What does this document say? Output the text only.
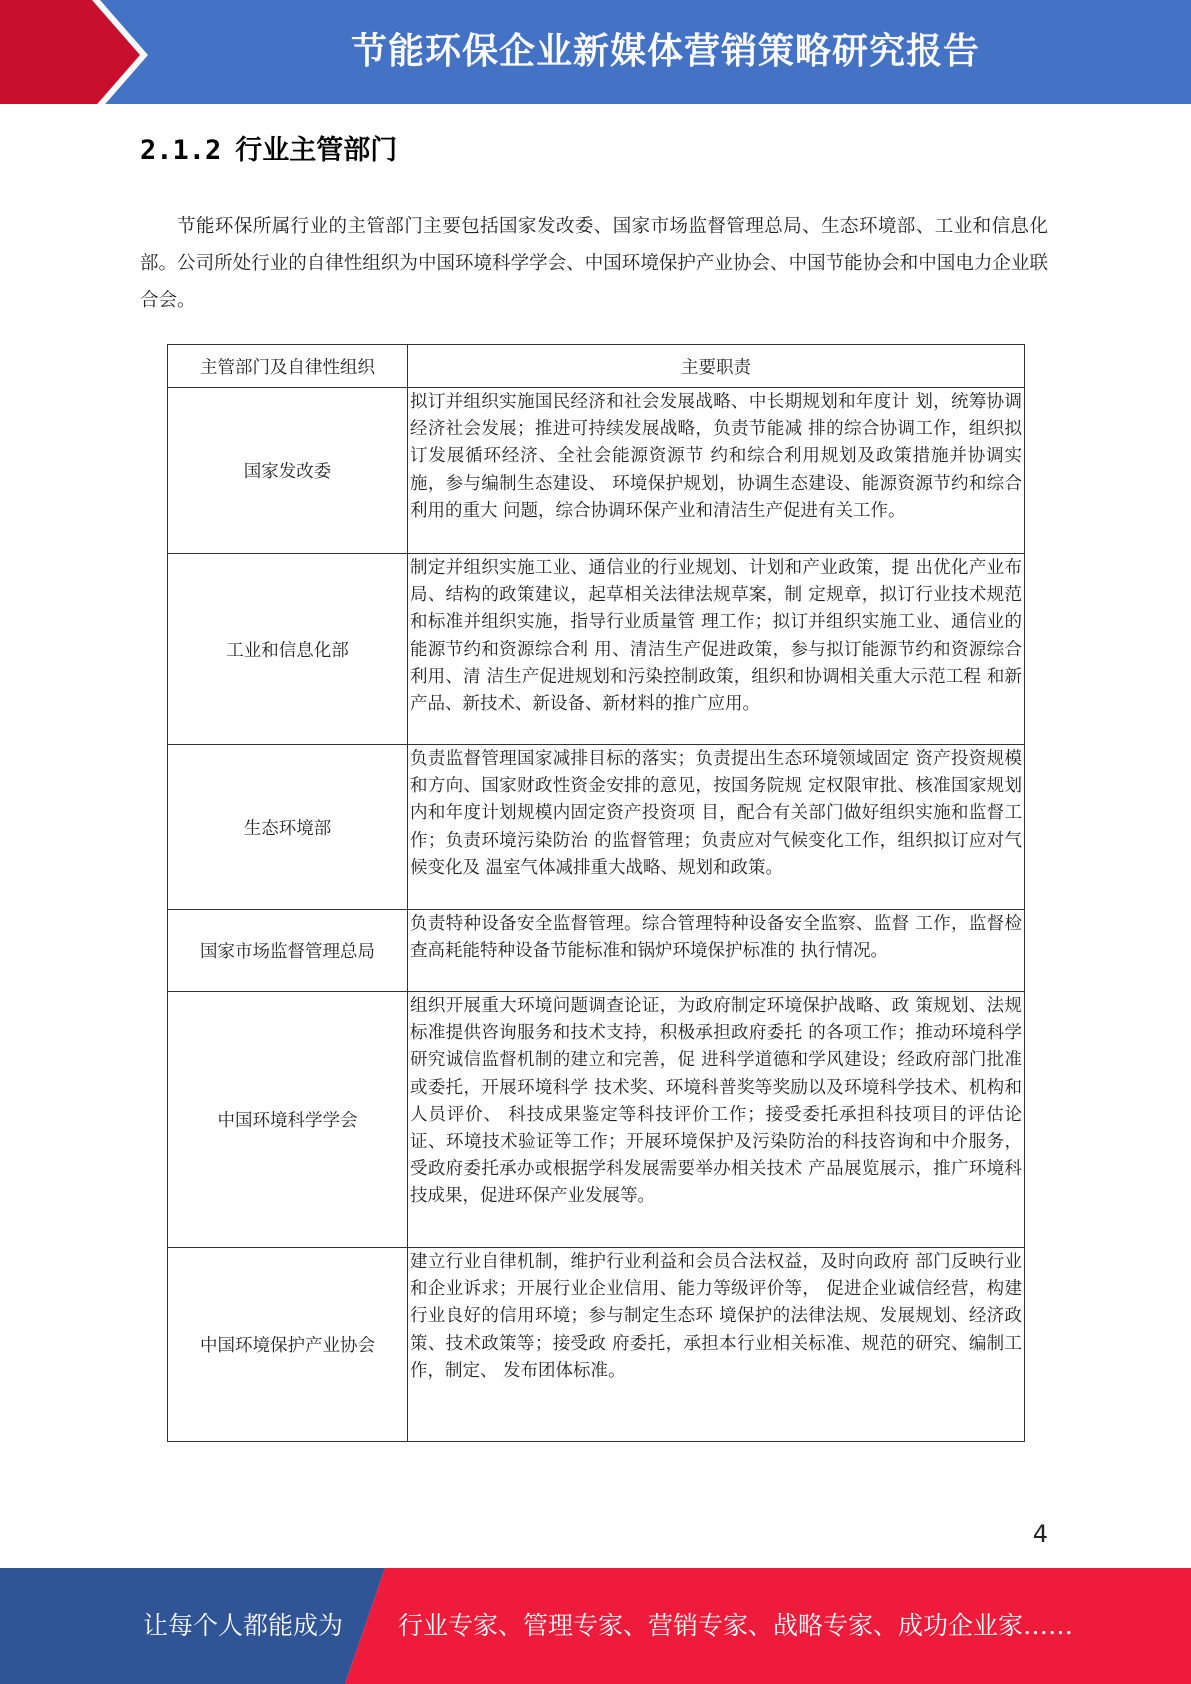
节能环保企业新媒体营销策略研究报告
2.1.2 行业主管部门

节能环保所属行业的主管部门主要包括国家发改委、国家市场监督管理总局、生态环境部、工业和信息化部。公司所处行业的自律性组织为中国环境科学学会、中国环境保护产业协会、中国节能协会和中国电力企业联合会。

主管部门及自律性组织	主要职责
国家发改委	拟订并组织实施国民经济和社会发展战略、中长期规划和年度计 划，统筹协调经济社会发展；推进可持续发展战略，负责节能减 排的综合协调工作，组织拟订发展循环经济、全社会能源资源节 约和综合利用规划及政策措施并协调实施，参与编制生态建设、 环境保护规划，协调生态建设、能源资源节约和综合利用的重大 问题，综合协调环保产业和清洁生产促进有关工作。
工业和信息化部	制定并组织实施工业、通信业的行业规划、计划和产业政策，提 出优化产业布局、结构的政策建议，起草相关法律法规草案，制 定规章，拟订行业技术规范和标准并组织实施，指导行业质量管 理工作；拟订并组织实施工业、通信业的能源节约和资源综合利 用、清洁生产促进政策，参与拟订能源节约和资源综合利用、清 洁生产促进规划和污染控制政策，组织和协调相关重大示范工程 和新产品、新技术、新设备、新材料的推广应用。
生态环境部	负责监督管理国家减排目标的落实；负责提出生态环境领域固定 资产投资规模和方向、国家财政性资金安排的意见，按国务院规 定权限审批、核准国家规划内和年度计划规模内固定资产投资项 目，配合有关部门做好组织实施和监督工作；负责环境污染防治 的监督管理；负责应对气候变化工作，组织拟订应对气候变化及 温室气体减排重大战略、规划和政策。
国家市场监督管理总局	负责特种设备安全监督管理。综合管理特种设备安全监察、监督 工作，监督检查高耗能特种设备节能标准和锅炉环境保护标准的 执行情况。
中国环境科学学会	组织开展重大环境问题调查论证，为政府制定环境保护战略、政 策规划、法规标准提供咨询服务和技术支持，积极承担政府委托 的各项工作；推动环境科学研究诚信监督机制的建立和完善，促 进科学道德和学风建设；经政府部门批准或委托，开展环境科学 技术奖、环境科普奖等奖励以及环境科学技术、机构和人员评价、 科技成果鉴定等科技评价工作；接受委托承担科技项目的评估论 证、环境技术验证等工作；开展环境保护及污染防治的科技咨询和中介服务，受政府委托承办或根据学科发展需要举办相关技术 产品展览展示，推广环境科技成果，促进环保产业发展等。
中国环境保护产业协会	建立行业自律机制，维护行业利益和会员合法权益，及时向政府 部门反映行业和企业诉求；开展行业企业信用、能力等级评价等， 促进企业诚信经营，构建行业良好的信用环境；参与制定生态环 境保护的法律法规、发展规划、经济政策、技术政策等；接受政 府委托，承担本行业相关标准、规范的研究、编制工作，制定、 发布团体标准。
4
让每个人都能成为 行业专家、管理专家、营销专家、战略专家、成功企业家……
